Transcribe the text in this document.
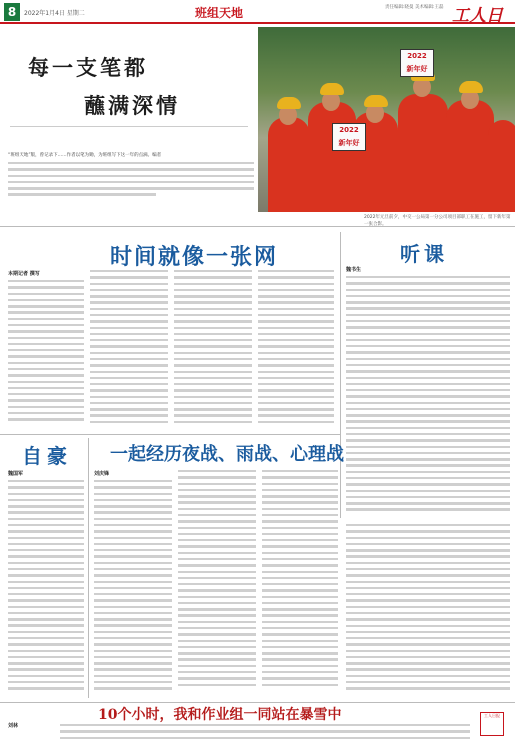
8	2022年1月4日 星期二	班组天地	责任编辑:晓曼 美术编辑:王磊 工人日
每一支笔都
蘸满深情
“班组天地”版，曾记录下……作者以笔为锄，为班组写下这一年的点滴。编者
2022
新年好
2022
新年好
2022年元旦前夕，中交一公局第一分公司项目部职工在施工，留下新年第一张合影。
时间就像一张网
本期记者 撰写
听课
魏书生
自豪
魏国军
一起经历夜战、雨战、心理战
刘庆锋
10个小时，我和作业组一同站在暴雪中
刘林
工人日报
